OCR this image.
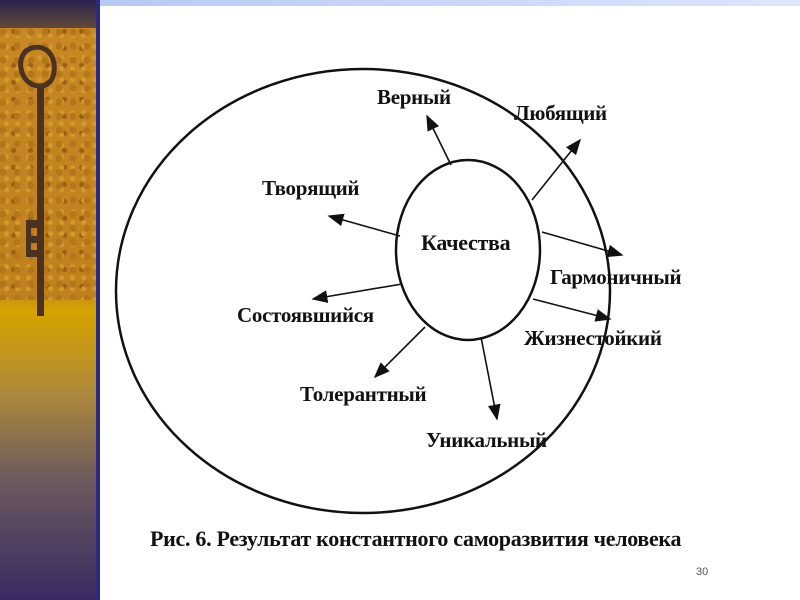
Качества
Верный
Любящий
Творящий
Гармоничный
Состоявшийся
Жизнестойкий
Толерантный
Уникальный
Рис. 6. Результат константного саморазвития человека
30
